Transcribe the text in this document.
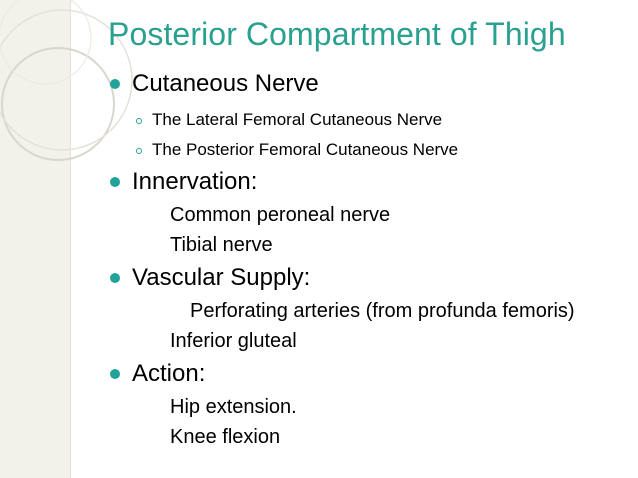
Posterior Compartment of Thigh
Cutaneous Nerve
The Lateral Femoral Cutaneous Nerve
The Posterior Femoral Cutaneous Nerve
Innervation:
Common peroneal nerve
Tibial nerve
Vascular Supply:
Perforating arteries (from profunda femoris)
Inferior gluteal
Action:
Hip extension.
Knee flexion
